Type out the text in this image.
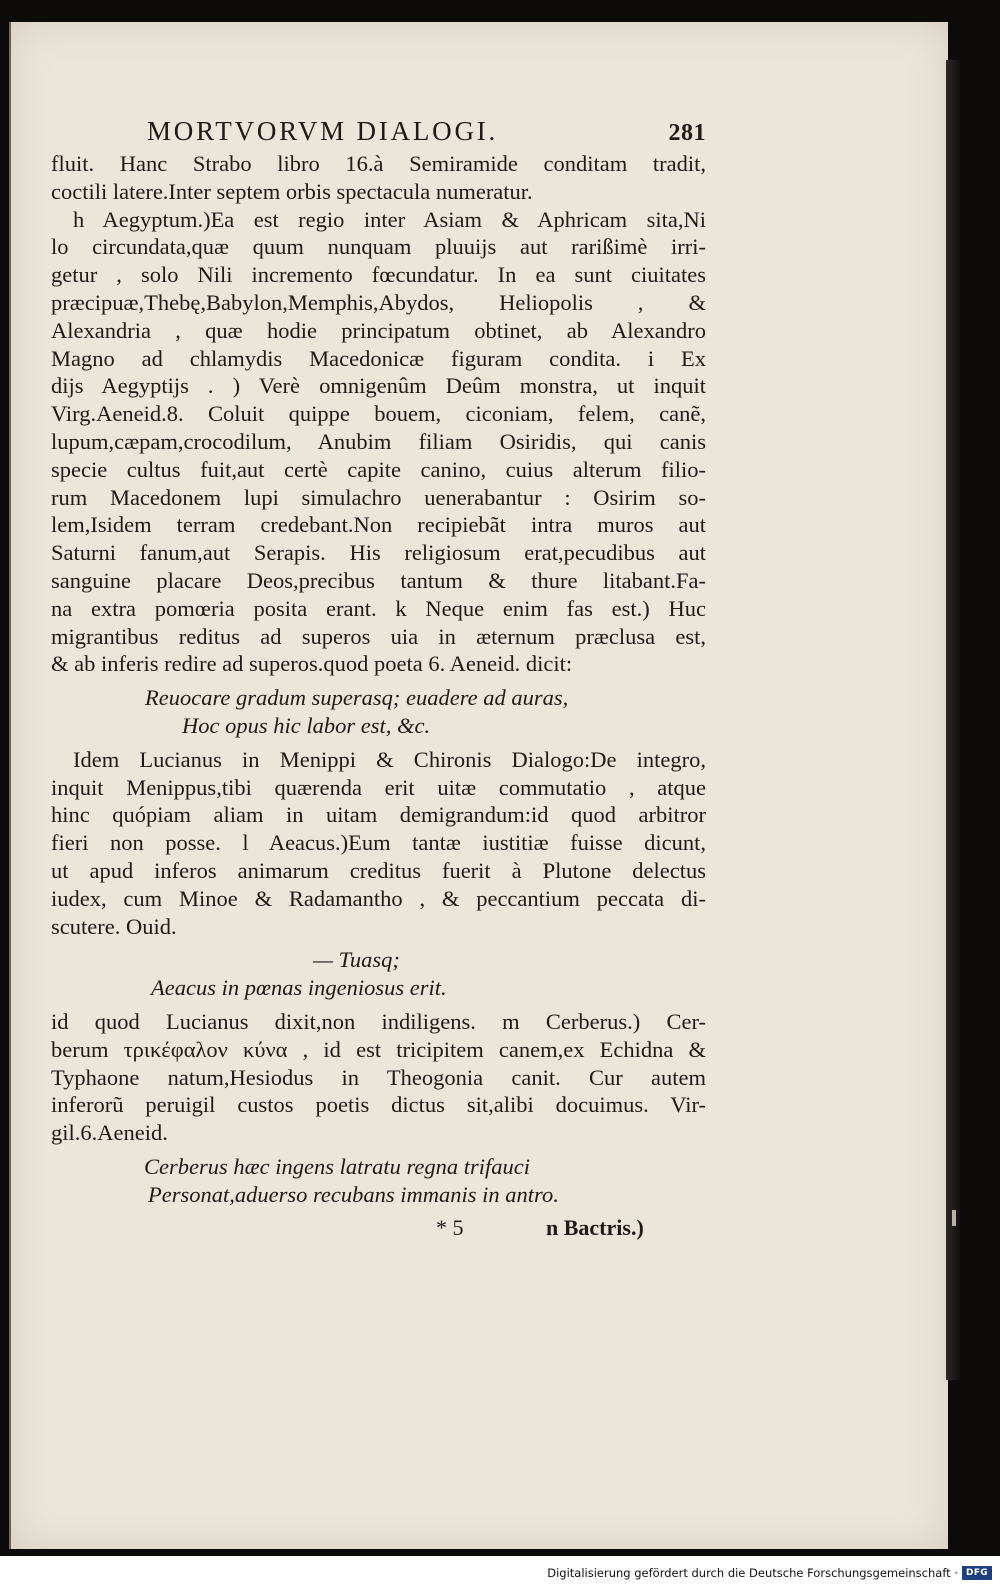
MORTVORVM DIALOGI.	281
fluit. Hanc Strabo libro 16.à Semiramide conditam tradit,
coctili latere.Inter septem orbis spectacula numeratur.
h Aegyptum.)Ea est regio inter Asiam & Aphricam sita,Ni
lo circundata,quæ quum nunquam pluuijs aut rarißimè irri-
getur , solo Nili incremento fœcundatur. In ea sunt ciuitates
præcipuæ,Thebę,Babylon,Memphis,Abydos, Heliopolis , &
Alexandria , quæ hodie principatum obtinet, ab Alexandro
Magno ad chlamydis Macedonicæ figuram condita. i Ex
dijs Aegyptijs . ) Verè omnigenûm Deûm monstra, ut inquit
Virg.Aeneid.8. Coluit quippe bouem, ciconiam, felem, canẽ,
lupum,cæpam,crocodilum, Anubim filiam Osiridis, qui canis
specie cultus fuit,aut certè capite canino, cuius alterum filio-
rum Macedonem lupi simulachro uenerabantur : Osirim so-
lem,Isidem terram credebant.Non recipiebãt intra muros aut
Saturni fanum,aut Serapis. His religiosum erat,pecudibus aut
sanguine placare Deos,precibus tantum & thure litabant.Fa-
na extra pomœria posita erant. k Neque enim fas est.) Huc
migrantibus reditus ad superos uia in æternum præclusa est,
& ab inferis redire ad superos.quod poeta 6. Aeneid. dicit:
Reuocare gradum superasq; euadere ad auras,
Hoc opus hic labor est, &c.
Idem Lucianus in Menippi & Chironis Dialogo:De integro,
inquit Menippus,tibi quærenda erit uitæ commutatio , atque
hinc quópiam aliam in uitam demigrandum:id quod arbitror
fieri non posse. l Aeacus.)Eum tantæ iustitiæ fuisse dicunt,
ut apud inferos animarum creditus fuerit à Plutone delectus
iudex, cum Minoe & Radamantho , & peccantium peccata di-
scutere. Ouid.
— Tuasq;
Aeacus in pœnas ingeniosus erit.
id quod Lucianus dixit,non indiligens. m Cerberus.) Cer-
berum τρικέφαλον κύνα , id est tricipitem canem,ex Echidna &
Typhaone natum,Hesiodus in Theogonia canit. Cur autem
inferorũ peruigil custos poetis dictus sit,alibi docuimus. Vir-
gil.6.Aeneid.
Cerberus hæc ingens latratu regna trifauci
Personat,aduerso recubans immanis in antro.
* 5	n Bactris.)
Digitalisierung gefördert durch die Deutsche Forschungsgemeinschaft · DFG
